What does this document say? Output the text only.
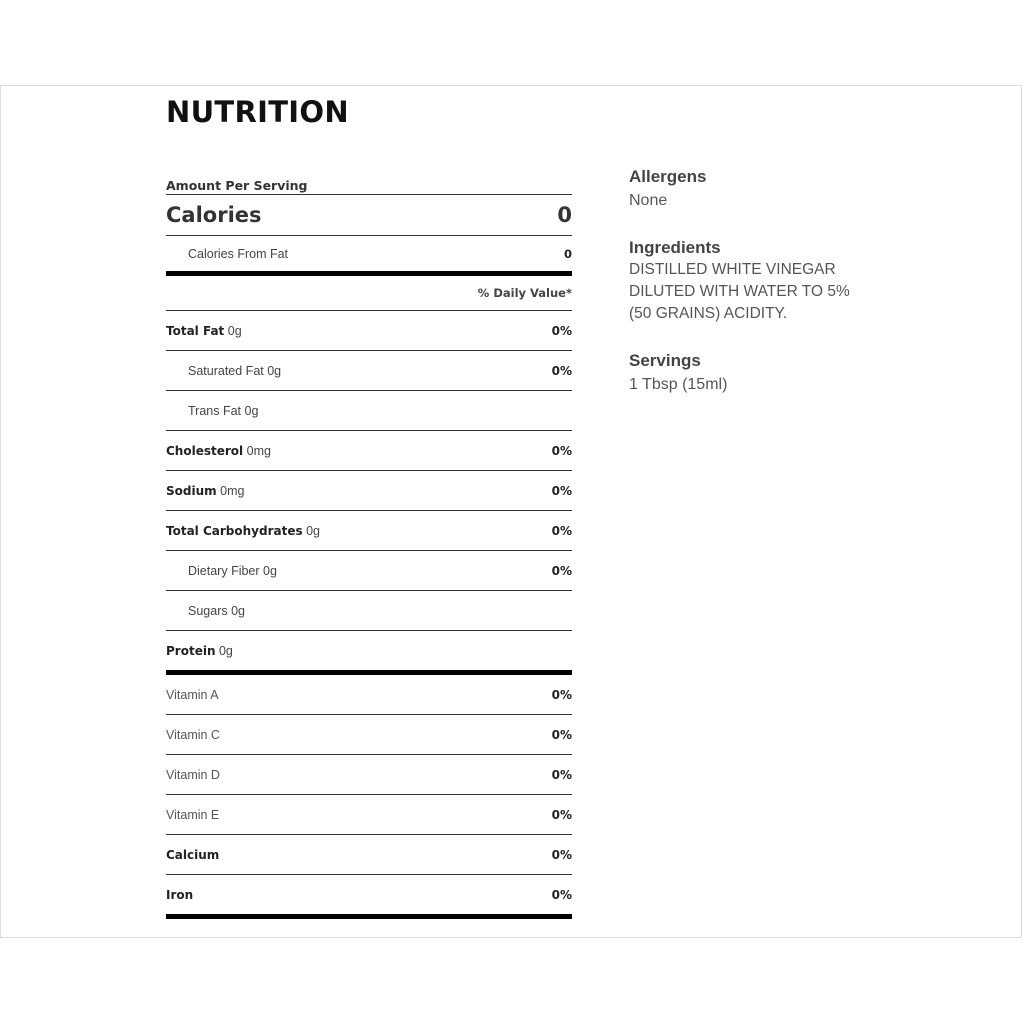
NUTRITION
Amount Per Serving
Calories	0
Calories From Fat	0
% Daily Value*
Total Fat 0g	0%
Saturated Fat 0g	0%
Trans Fat 0g
Cholesterol 0mg	0%
Sodium 0mg	0%
Total Carbohydrates 0g	0%
Dietary Fiber 0g	0%
Sugars 0g
Protein 0g
Vitamin A	0%
Vitamin C	0%
Vitamin D	0%
Vitamin E	0%
Calcium	0%
Iron	0%
Allergens

None

Ingredients

DISTILLED WHITE VINEGAR

DILUTED WITH WATER TO 5%

(50 GRAINS) ACIDITY.

Servings

1 Tbsp (15ml)
